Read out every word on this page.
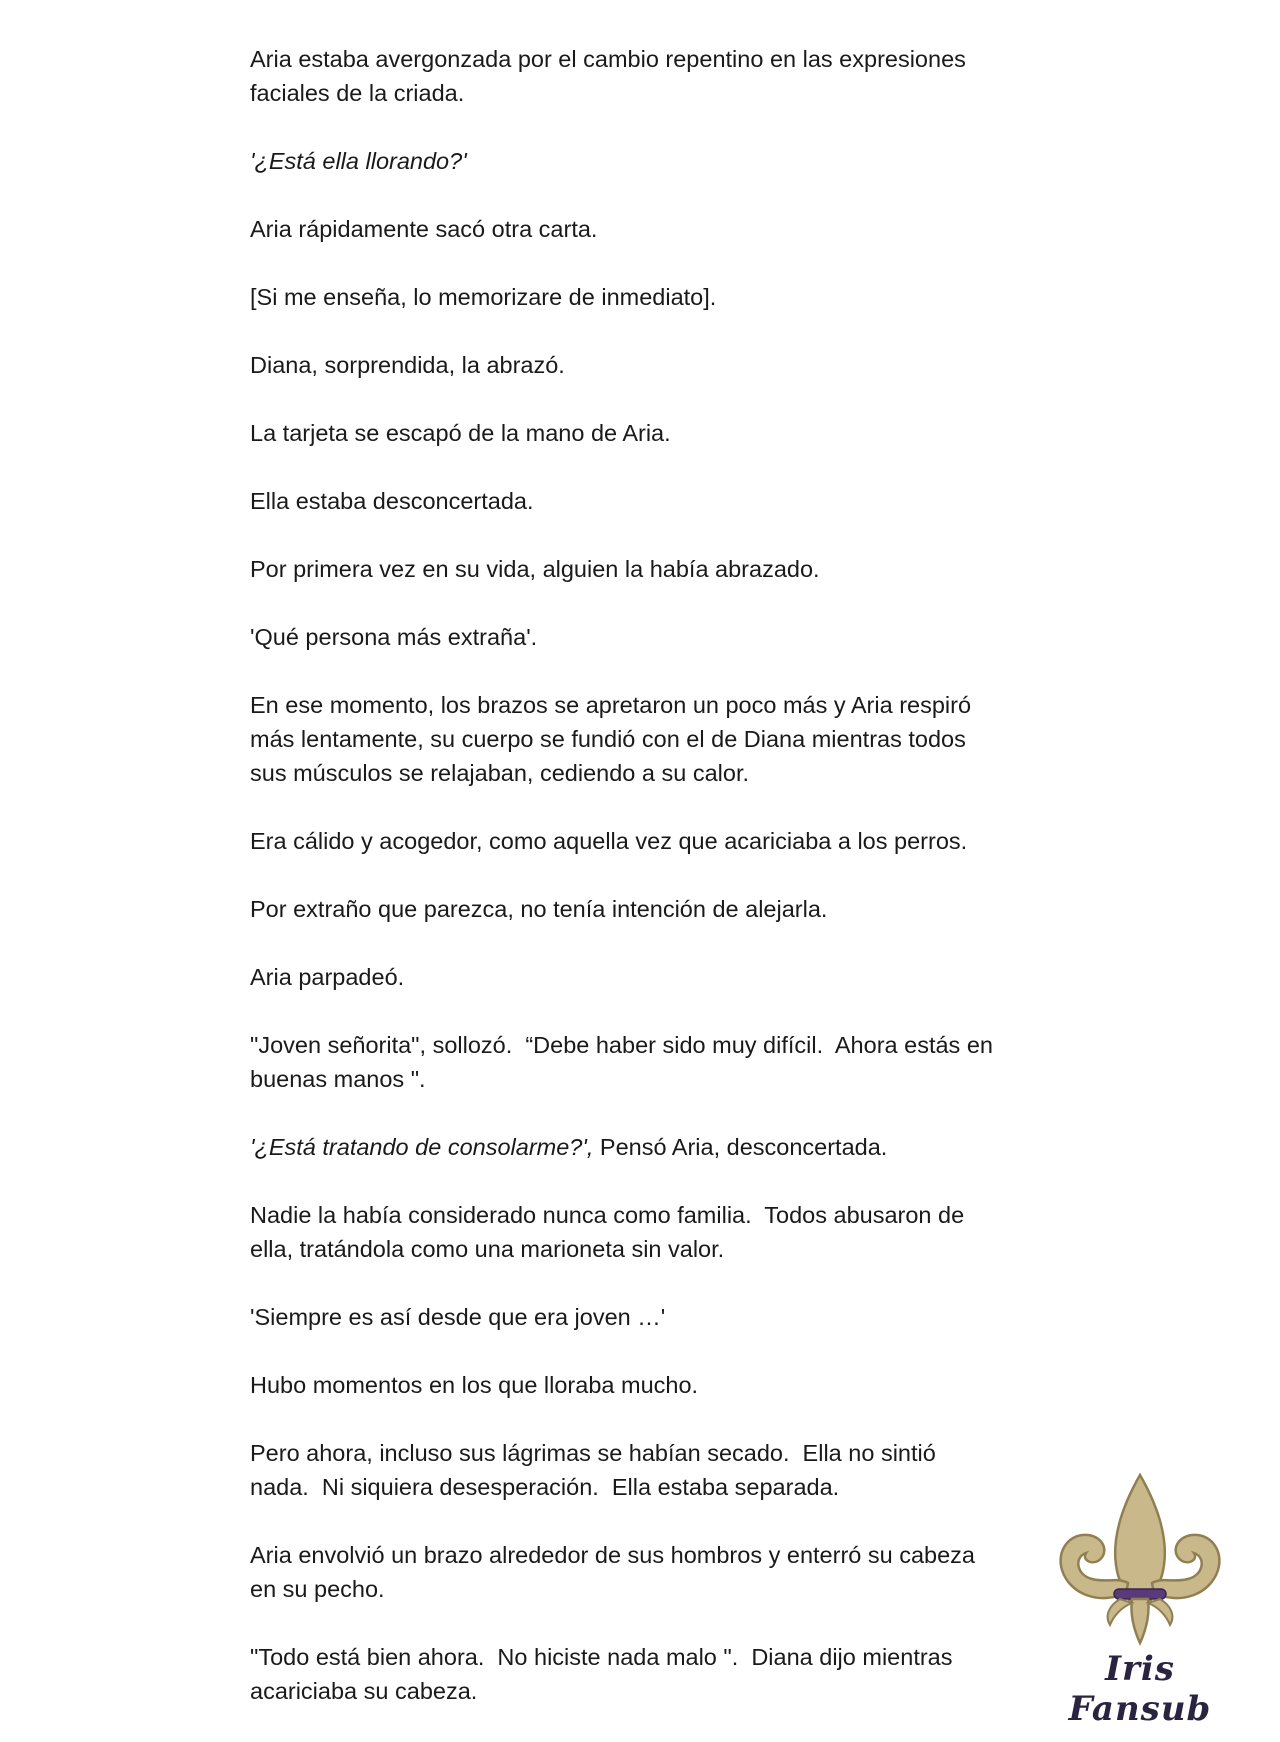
Aria estaba avergonzada por el cambio repentino en las expresiones
faciales de la criada.

'¿Está ella llorando?'

Aria rápidamente sacó otra carta.

[Si me enseña, lo memorizare de inmediato].

Diana, sorprendida, la abrazó.

La tarjeta se escapó de la mano de Aria.

Ella estaba desconcertada.

Por primera vez en su vida, alguien la había abrazado.

'Qué persona más extraña'.

En ese momento, los brazos se apretaron un poco más y Aria respiró
más lentamente, su cuerpo se fundió con el de Diana mientras todos
sus músculos se relajaban, cediendo a su calor.

Era cálido y acogedor, como aquella vez que acariciaba a los perros.

Por extraño que parezca, no tenía intención de alejarla.

Aria parpadeó.

"Joven señorita", sollozó.  “Debe haber sido muy difícil.  Ahora estás en
buenas manos ".

'¿Está tratando de consolarme?', Pensó Aria, desconcertada.

Nadie la había considerado nunca como familia.  Todos abusaron de
ella, tratándola como una marioneta sin valor.

'Siempre es así desde que era joven …'

Hubo momentos en los que lloraba mucho.

Pero ahora, incluso sus lágrimas se habían secado.  Ella no sintió
nada.  Ni siquiera desesperación.  Ella estaba separada.

Aria envolvió un brazo alrededor de sus hombros y enterró su cabeza
en su pecho.

"Todo está bien ahora.  No hiciste nada malo ".  Diana dijo mientras
acariciaba su cabeza.

Iris Fansub
